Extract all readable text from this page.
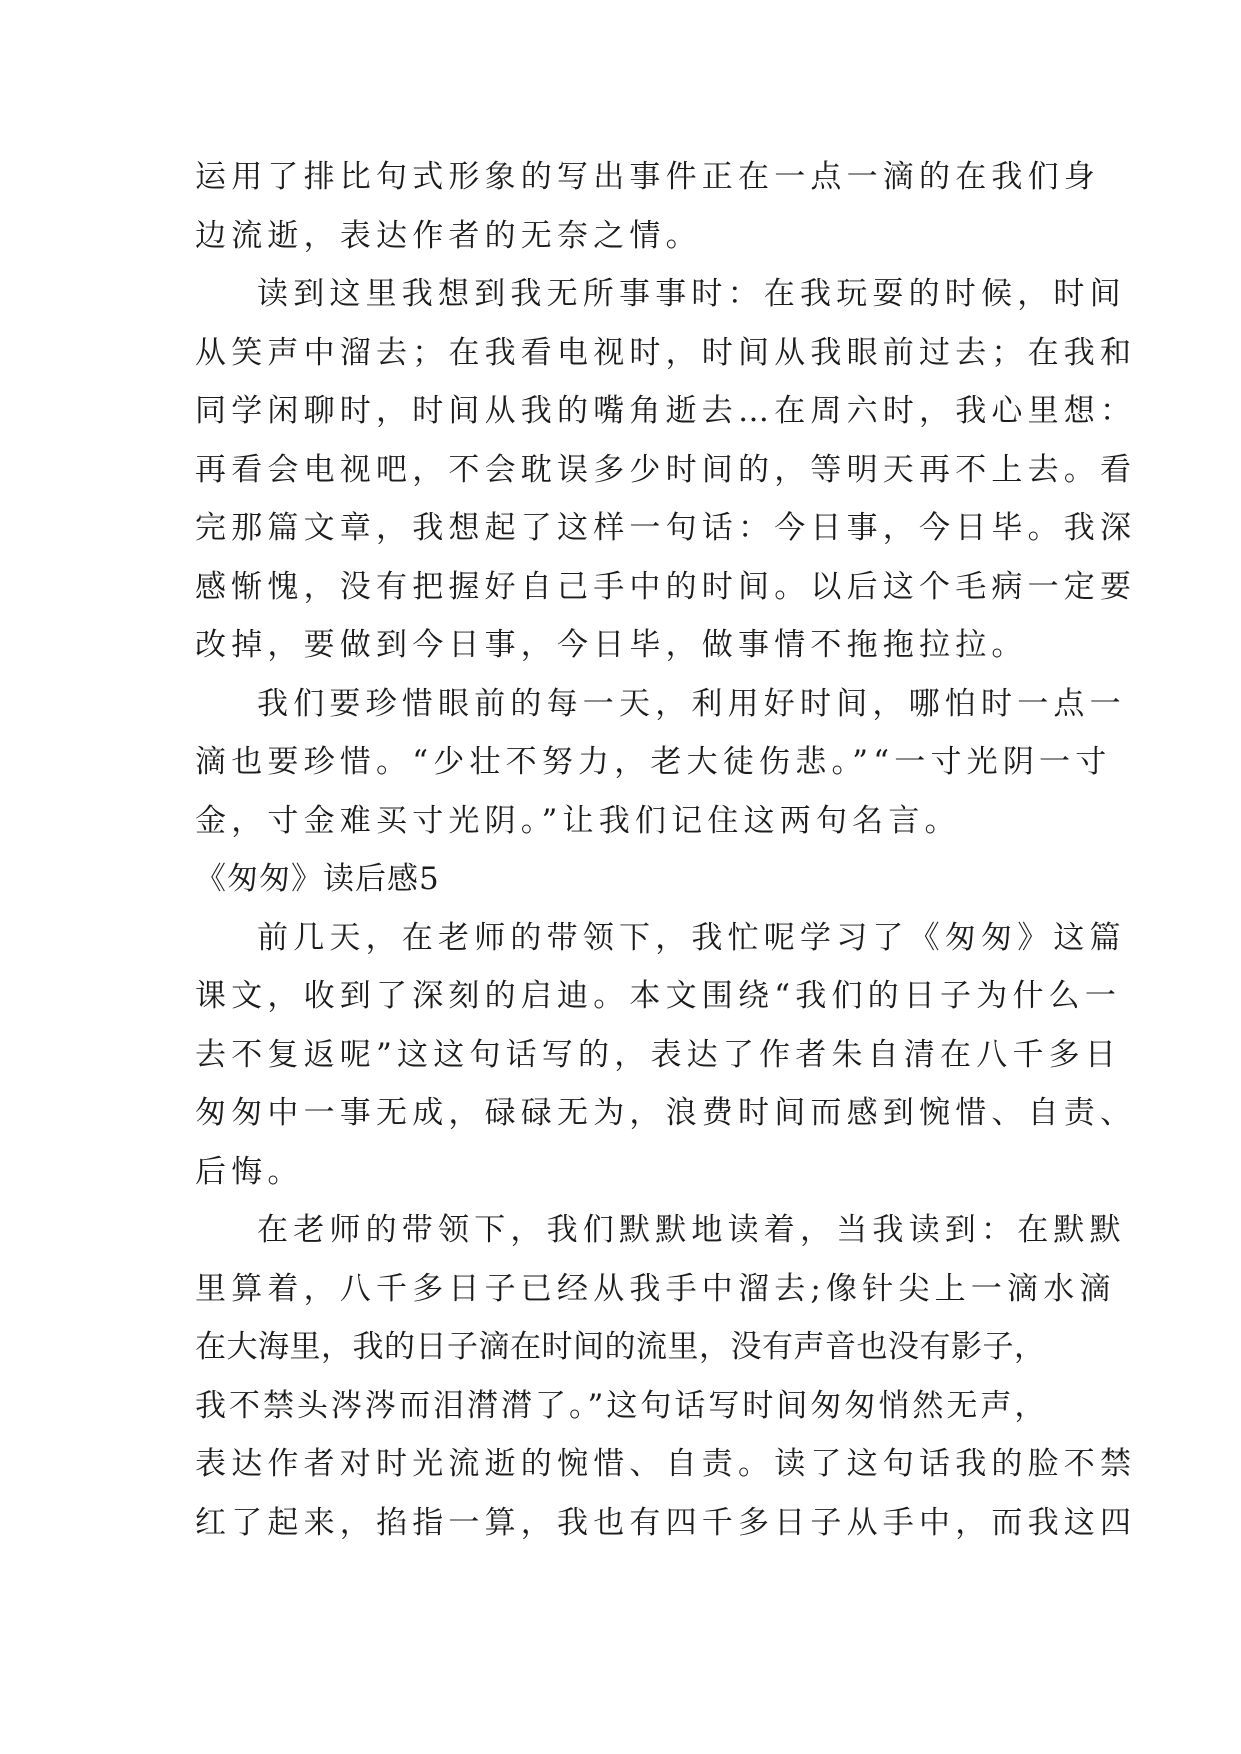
运用了排比句式形象的写出事件正在一点一滴的在我们身
边流逝，表达作者的无奈之情。

读到这里我想到我无所事事时：在我玩耍的时候，时间
从笑声中溜去；在我看电视时，时间从我眼前过去；在我和
同学闲聊时，时间从我的嘴角逝去…在周六时，我心里想：
再看会电视吧，不会耽误多少时间的，等明天再不上去。看
完那篇文章，我想起了这样一句话：今日事，今日毕。我深
感惭愧，没有把握好自己手中的时间。以后这个毛病一定要
改掉，要做到今日事，今日毕，做事情不拖拖拉拉。

我们要珍惜眼前的每一天，利用好时间，哪怕时一点一
滴也要珍惜。“少壮不努力，老大徒伤悲。”“一寸光阴一寸
金，寸金难买寸光阴。”让我们记住这两句名言。

《匆匆》读后感5

前几天，在老师的带领下，我忙呢学习了《匆匆》这篇
课文，收到了深刻的启迪。本文围绕“我们的日子为什么一
去不复返呢”这这句话写的，表达了作者朱自清在八千多日
匆匆中一事无成，碌碌无为，浪费时间而感到惋惜、自责、
后悔。

在老师的带领下，我们默默地读着，当我读到：在默默
里算着，八千多日子已经从我手中溜去;像针尖上一滴水滴
在大海里，我的日子滴在时间的流里，没有声音也没有影子，
我不禁头涔涔而泪潸潸了。”这句话写时间匆匆悄然无声，
表达作者对时光流逝的惋惜、自责。读了这句话我的脸不禁
红了起来，掐指一算，我也有四千多日子从手中，而我这四
